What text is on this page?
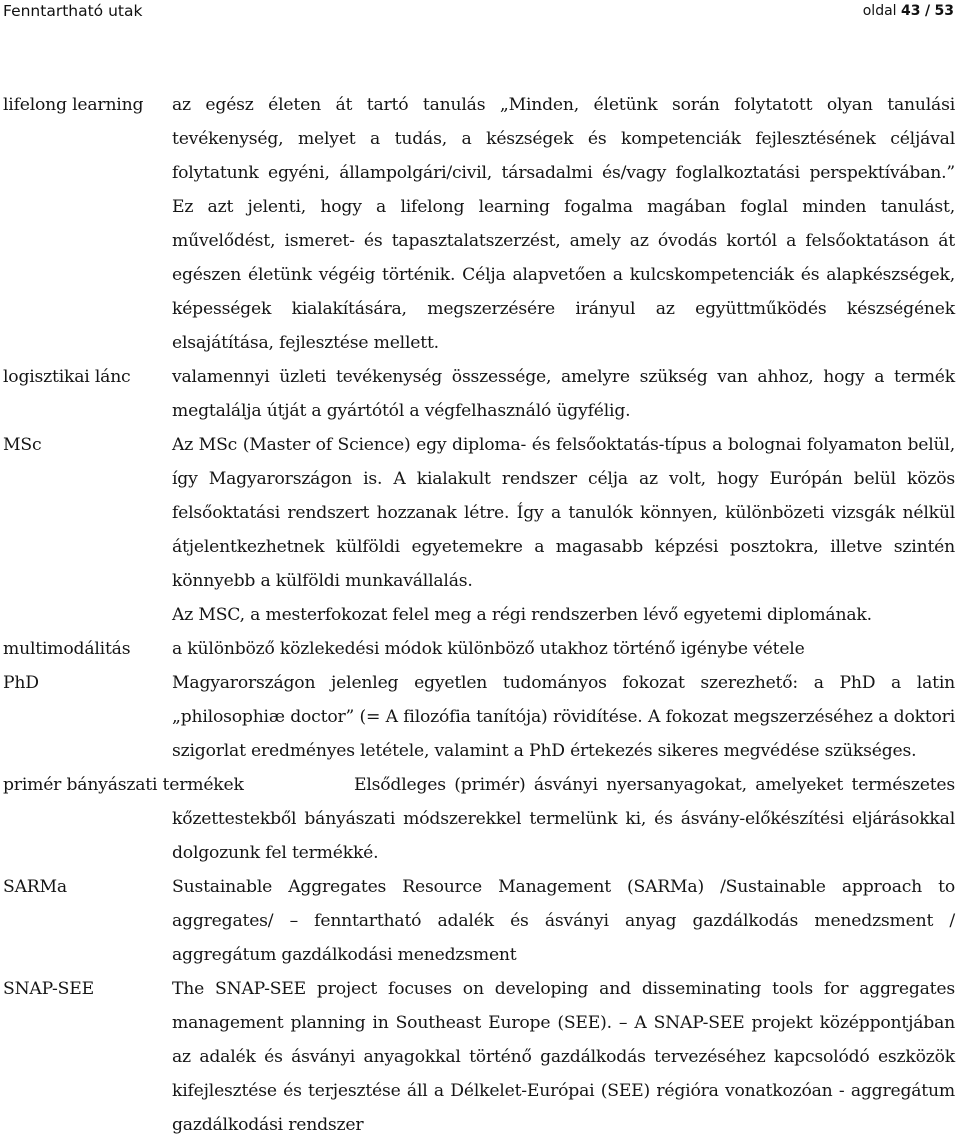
Fenntartható utak	oldal 43 / 53
lifelong learning	az egész életen át tartó tanulás „Minden, életünk során folytatott olyan tanulási tevékenység, melyet a tudás, a készségek és kompetenciák fejlesztésének céljával folytatunk egyéni, állampolgári/civil, társadalmi és/vagy foglalkoztatási perspektívában.” Ez azt jelenti, hogy a lifelong learning fogalma magában foglal minden tanulást, művelődést, ismeret- és tapasztalatszerzést, amely az óvodás kortól a felsőoktatáson át egészen életünk végéig történik. Célja alapvetően a kulcskompetenciák és alapkészségek, képességek kialakítására, megszerzésére irányul az együttműködés készségének elsajátítása, fejlesztése mellett.

logisztikai lánc	valamennyi üzleti tevékenység összessége, amelyre szükség van ahhoz, hogy a termék megtalálja útját a gyártótól a végfelhasználó ügyfélig.

MSc	Az MSc (Master of Science) egy diploma- és felsőoktatás-típus a bolognai folyamaton belül, így Magyarországon is. A kialakult rendszer célja az volt, hogy Európán belül közös felsőoktatási rendszert hozzanak létre. Így a tanulók könnyen, különbözeti vizsgák nélkül átjelentkezhetnek külföldi egyetemekre a magasabb képzési posztokra, illetve szintén könnyebb a külföldi munkavállalás.

Az MSC, a mesterfokozat felel meg a régi rendszerben lévő egyetemi diplomának.

multimodálitás	a különböző közlekedési módok különböző utakhoz történő igénybe vétele

PhD	Magyarországon jelenleg egyetlen tudományos fokozat szerezhető: a PhD a latin „philosophiæ doctor” (= A filozófia tanítója) rövidítése. A fokozat megszerzéséhez a doktori szigorlat eredményes letétele, valamint a PhD értekezés sikeres megvédése szükséges.

primér bányászati termékek	Elsődleges (primér) ásványi nyersanyagokat, amelyeket természetes kőzettestekből bányászati módszerekkel termelünk ki, és ásvány-előkészítési eljárásokkal dolgozunk fel termékké.

SARMa	Sustainable Aggregates Resource Management (SARMa) /Sustainable approach to aggregates/ – fenntartható adalék és ásványi anyag gazdálkodás menedzsment / aggregátum gazdálkodási menedzsment

SNAP-SEE	The SNAP-SEE project focuses on developing and disseminating tools for aggregates management planning in Southeast Europe (SEE). – A SNAP-SEE projekt középpontjában az adalék és ásványi anyagokkal történő gazdálkodás tervezéséhez kapcsolódó eszközök kifejlesztése és terjesztése áll a Délkelet-Európai (SEE) régióra vonatkozóan - aggregátum gazdálkodási rendszer
